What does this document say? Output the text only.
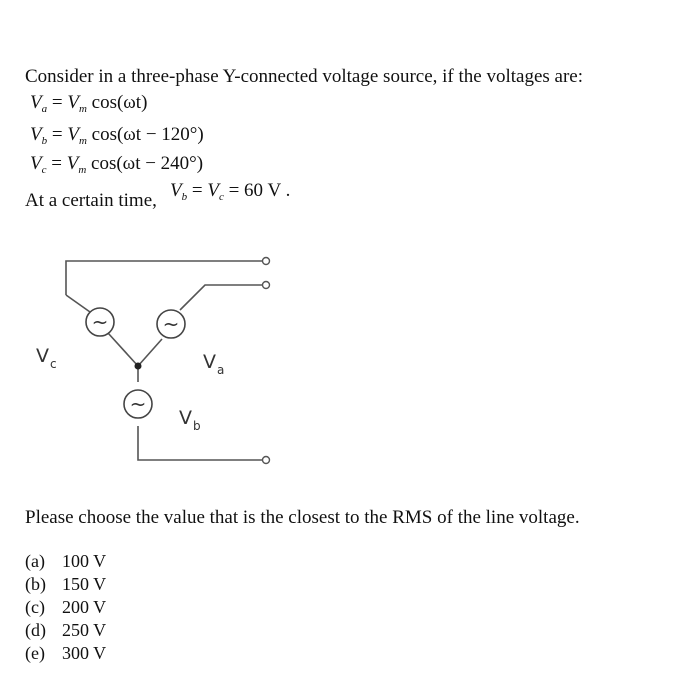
Consider in a three-phase Y-connected voltage source, if the voltages are:
$V_a = V_m$ cos(ωt)
$V_b = V_m$ cos(ωt − 120°)
$V_c = V_m$ cos(ωt − 240°)
At a certain time, $V_b = V_c = 60$ V .
~	~
~
V c	V a
V b
Please choose the value that is the closest to the RMS of the line voltage.
(a) 100 V
(b) 150 V
(c) 200 V
(d) 250 V
(e) 300 V
